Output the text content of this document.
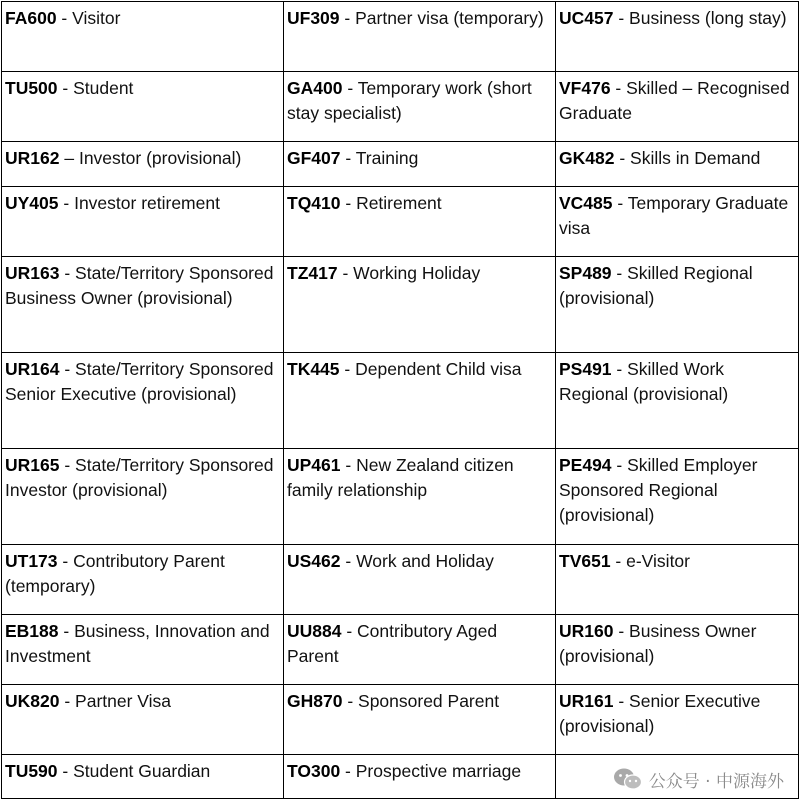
FA600 - Visitor	UF309 - Partner visa (temporary)	UC457 - Business (long stay)
TU500 - Student	GA400 - Temporary work (short stay specialist)	VF476 - Skilled – Recognised Graduate
UR162 – Investor (provisional)	GF407 - Training	GK482 - Skills in Demand
UY405 - Investor retirement	TQ410 - Retirement	VC485 - Temporary Graduate visa
UR163 - State/Territory Sponsored Business Owner (provisional)	TZ417 - Working Holiday	SP489 - Skilled Regional (provisional)
UR164 - State/Territory Sponsored Senior Executive (provisional)	TK445 - Dependent Child visa	PS491 - Skilled Work Regional (provisional)
UR165 - State/Territory Sponsored Investor (provisional)	UP461 - New Zealand citizen family relationship	PE494 - Skilled Employer Sponsored Regional (provisional)
UT173 - Contributory Parent (temporary)	US462 - Work and Holiday	TV651 - e-Visitor
EB188 - Business, Innovation and Investment	UU884 - Contributory Aged Parent	UR160 - Business Owner (provisional)
UK820 - Partner Visa	GH870 - Sponsored Parent	UR161 - Senior Executive (provisional)
TU590 - Student Guardian	TO300 - Prospective marriage	
公众号 · 中源海外
